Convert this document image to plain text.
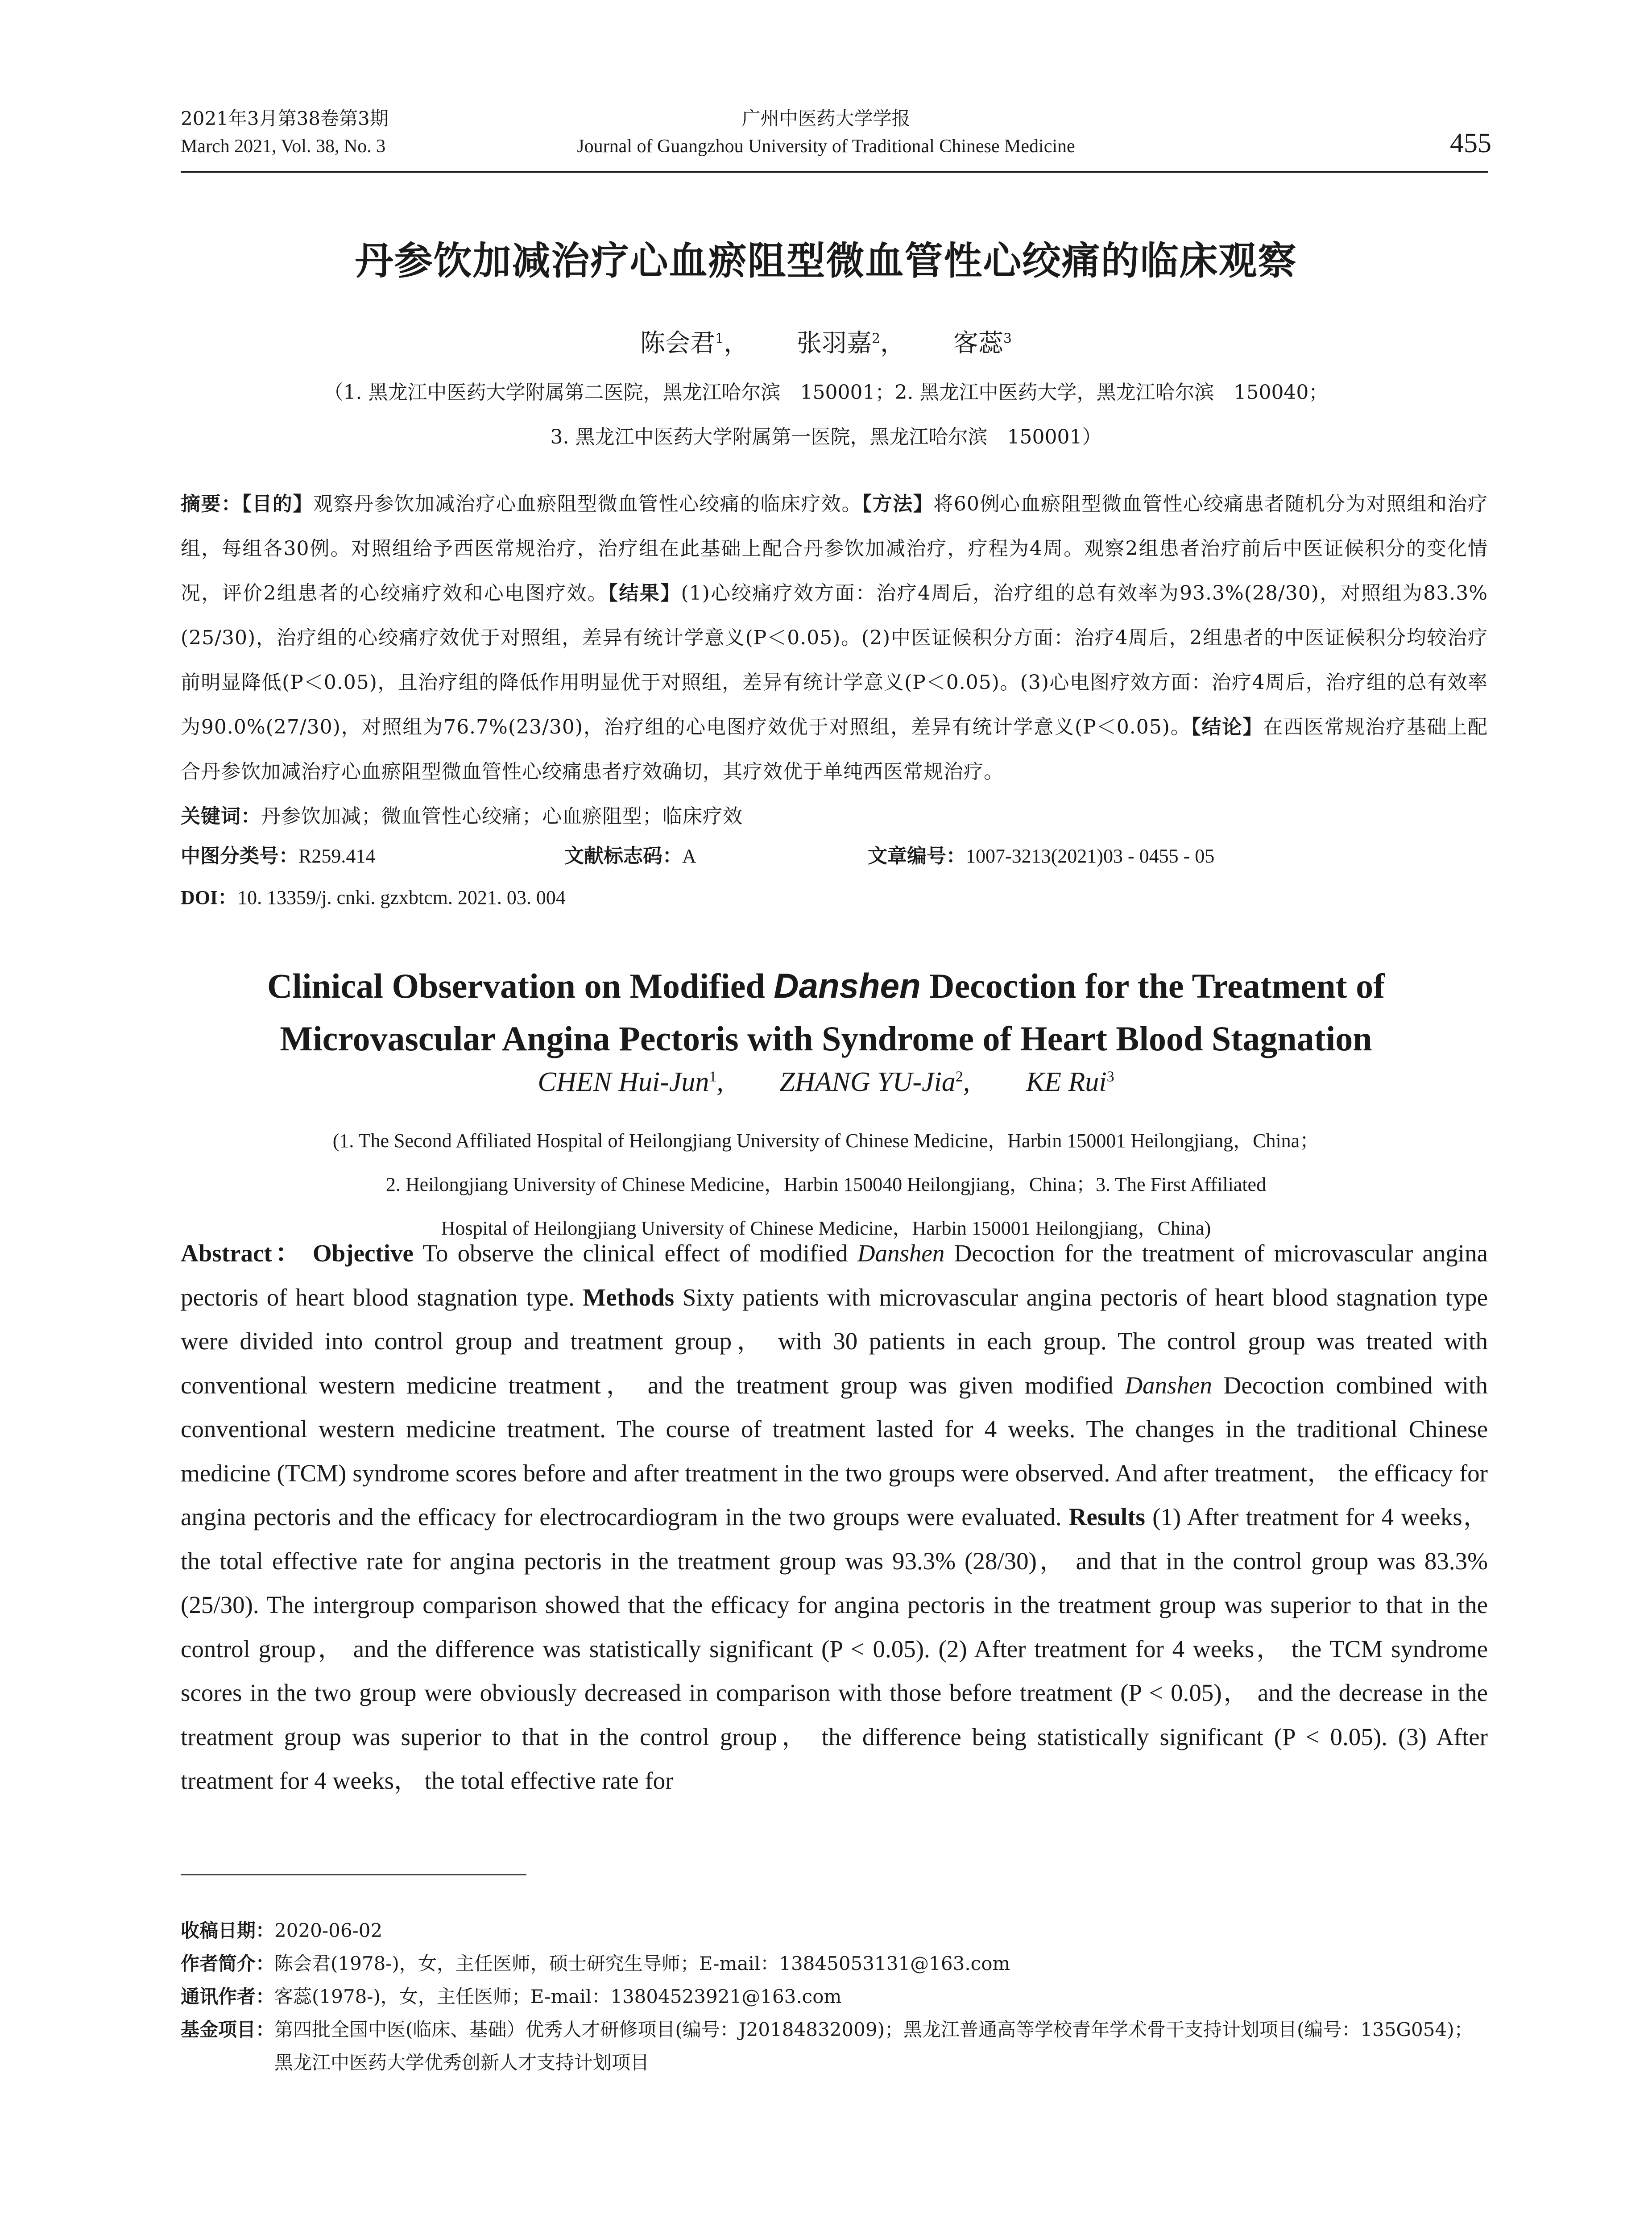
2021年3月第38卷第3期
March 2021, Vol. 38, No. 3
广州中医药大学学报
Journal of Guangzhou University of Traditional Chinese Medicine	455
丹参饮加减治疗心血瘀阻型微血管性心绞痛的临床观察
陈会君$^1$， 张羽嘉$^2$， 客蕊$^3$
（1. 黑龙江中医药大学附属第二医院，黑龙江哈尔滨　150001；2. 黑龙江中医药大学，黑龙江哈尔滨　150040；
3. 黑龙江中医药大学附属第一医院，黑龙江哈尔滨　150001）

摘要：【目的】观察丹参饮加减治疗心血瘀阻型微血管性心绞痛的临床疗效。【方法】将60例心血瘀阻型微血管性心绞痛患者随机分为对照组和治疗组，每组各30例。对照组给予西医常规治疗，治疗组在此基础上配合丹参饮加减治疗，疗程为4周。观察2组患者治疗前后中医证候积分的变化情况，评价2组患者的心绞痛疗效和心电图疗效。【结果】(1)心绞痛疗效方面：治疗4周后，治疗组的总有效率为93.3%(28/30)，对照组为83.3%(25/30)，治疗组的心绞痛疗效优于对照组，差异有统计学意义(P＜0.05)。(2)中医证候积分方面：治疗4周后，2组患者的中医证候积分均较治疗前明显降低(P＜0.05)，且治疗组的降低作用明显优于对照组，差异有统计学意义(P＜0.05)。(3)心电图疗效方面：治疗4周后，治疗组的总有效率为90.0%(27/30)，对照组为76.7%(23/30)，治疗组的心电图疗效优于对照组，差异有统计学意义(P＜0.05)。【结论】在西医常规治疗基础上配合丹参饮加减治疗心血瘀阻型微血管性心绞痛患者疗效确切，其疗效优于单纯西医常规治疗。

关键词：丹参饮加减；微血管性心绞痛；心血瘀阻型；临床疗效

中图分类号：R259.414	文献标志码：A	文章编号：1007-3213(2021)03 - 0455 - 05
DOI：10. 13359/j. cnki. gzxbtcm. 2021. 03. 004
Clinical Observation on Modified Danshen Decoction for the Treatment of
Microvascular Angina Pectoris with Syndrome of Heart Blood Stagnation
CHEN Hui-Jun$^1$, ZHANG YU-Jia$^2$, KE Rui$^3$
(1. The Second Affiliated Hospital of Heilongjiang University of Chinese Medicine，Harbin 150001 Heilongjiang，China；
2. Heilongjiang University of Chinese Medicine，Harbin 150040 Heilongjiang，China；3. The First Affiliated
Hospital of Heilongjiang University of Chinese Medicine，Harbin 150001 Heilongjiang，China)
Abstract： Objective To observe the clinical effect of modified Danshen Decoction for the treatment of microvascular angina pectoris of heart blood stagnation type. Methods Sixty patients with microvascular angina pectoris of heart blood stagnation type were divided into control group and treatment group， with 30 patients in each group. The control group was treated with conventional western medicine treatment， and the treatment group was given modified Danshen Decoction combined with conventional western medicine treatment. The course of treatment lasted for 4 weeks. The changes in the traditional Chinese medicine (TCM) syndrome scores before and after treatment in the two groups were observed. And after treatment， the efficacy for angina pectoris and the efficacy for electrocardiogram in the two groups were evaluated. Results (1) After treatment for 4 weeks， the total effective rate for angina pectoris in the treatment group was 93.3% (28/30)， and that in the control group was 83.3% (25/30). The intergroup comparison showed that the efficacy for angina pectoris in the treatment group was superior to that in the control group， and the difference was statistically significant (P < 0.05). (2) After treatment for 4 weeks， the TCM syndrome scores in the two group were obviously decreased in comparison with those before treatment (P < 0.05)， and the decrease in the treatment group was superior to that in the control group， the difference being statistically significant (P < 0.05). (3) After treatment for 4 weeks， the total effective rate for
收稿日期： 2020-06-02
作者简介： 陈会君(1978-)，女，主任医师，硕士研究生导师；E-mail：13845053131@163.com
通讯作者： 客蕊(1978-)，女，主任医师；E-mail：13804523921@163.com
基金项目： 第四批全国中医(临床、基础）优秀人才研修项目(编号：J20184832009)；黑龙江普通高等学校青年学术骨干支持计划项目(编号：135G054)；黑龙江中医药大学优秀创新人才支持计划项目
